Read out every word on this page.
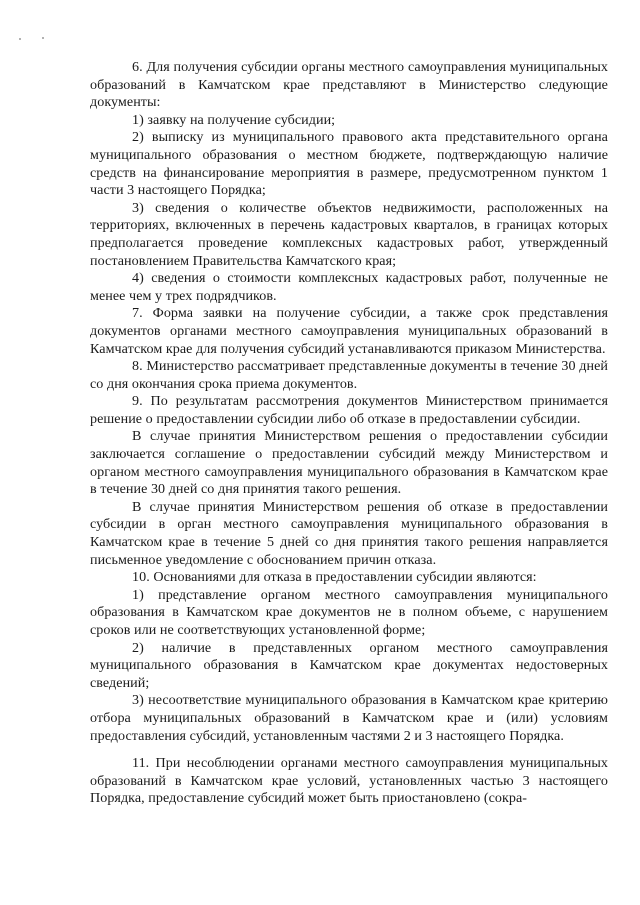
6. Для получения субсидии органы местного самоуправления муниципальных образований в Камчатском крае представляют в Министерство следующие документы:

1) заявку на получение субсидии;

2) выписку из муниципального правового акта представительного органа муниципального образования о местном бюджете, подтверждающую наличие средств на финансирование мероприятия в размере, предусмотренном пунктом 1 части 3 настоящего Порядка;

3) сведения о количестве объектов недвижимости, расположенных на территориях, включенных в перечень кадастровых кварталов, в границах которых предполагается проведение комплексных кадастровых работ, утвержденный постановлением Правительства Камчатского края;

4) сведения о стоимости комплексных кадастровых работ, полученные не менее чем у трех подрядчиков.

7. Форма заявки на получение субсидии, а также срок представления документов органами местного самоуправления муниципальных образований в Камчатском крае для получения субсидий устанавливаются приказом Министерства.

8. Министерство рассматривает представленные документы в течение 30 дней со дня окончания срока приема документов.

9. По результатам рассмотрения документов Министерством принимается решение о предоставлении субсидии либо об отказе в предоставлении субсидии.

В случае принятия Министерством решения о предоставлении субсидии заключается соглашение о предоставлении субсидий между Министерством и органом местного самоуправления муниципального образования в Камчатском крае в течение 30 дней со дня принятия такого решения.

В случае принятия Министерством решения об отказе в предоставлении субсидии в орган местного самоуправления муниципального образования в Камчатском крае в течение 5 дней со дня принятия такого решения направляется письменное уведомление с обоснованием причин отказа.

10. Основаниями для отказа в предоставлении субсидии являются:

1) представление органом местного самоуправления муниципального образования в Камчатском крае документов не в полном объеме, с нарушением сроков или не соответствующих установленной форме;

2) наличие в представленных органом местного самоуправления муниципального образования в Камчатском крае документах недостоверных сведений;

3) несоответствие муниципального образования в Камчатском крае критерию отбора муниципальных образований в Камчатском крае и (или) условиям предоставления субсидий, установленным частями 2 и 3 настоящего Порядка.

11. При несоблюдении органами местного самоуправления муниципальных образований в Камчатском крае условий, установленных частью 3 настоящего Порядка, предоставление субсидий может быть приостановлено (сокра-
